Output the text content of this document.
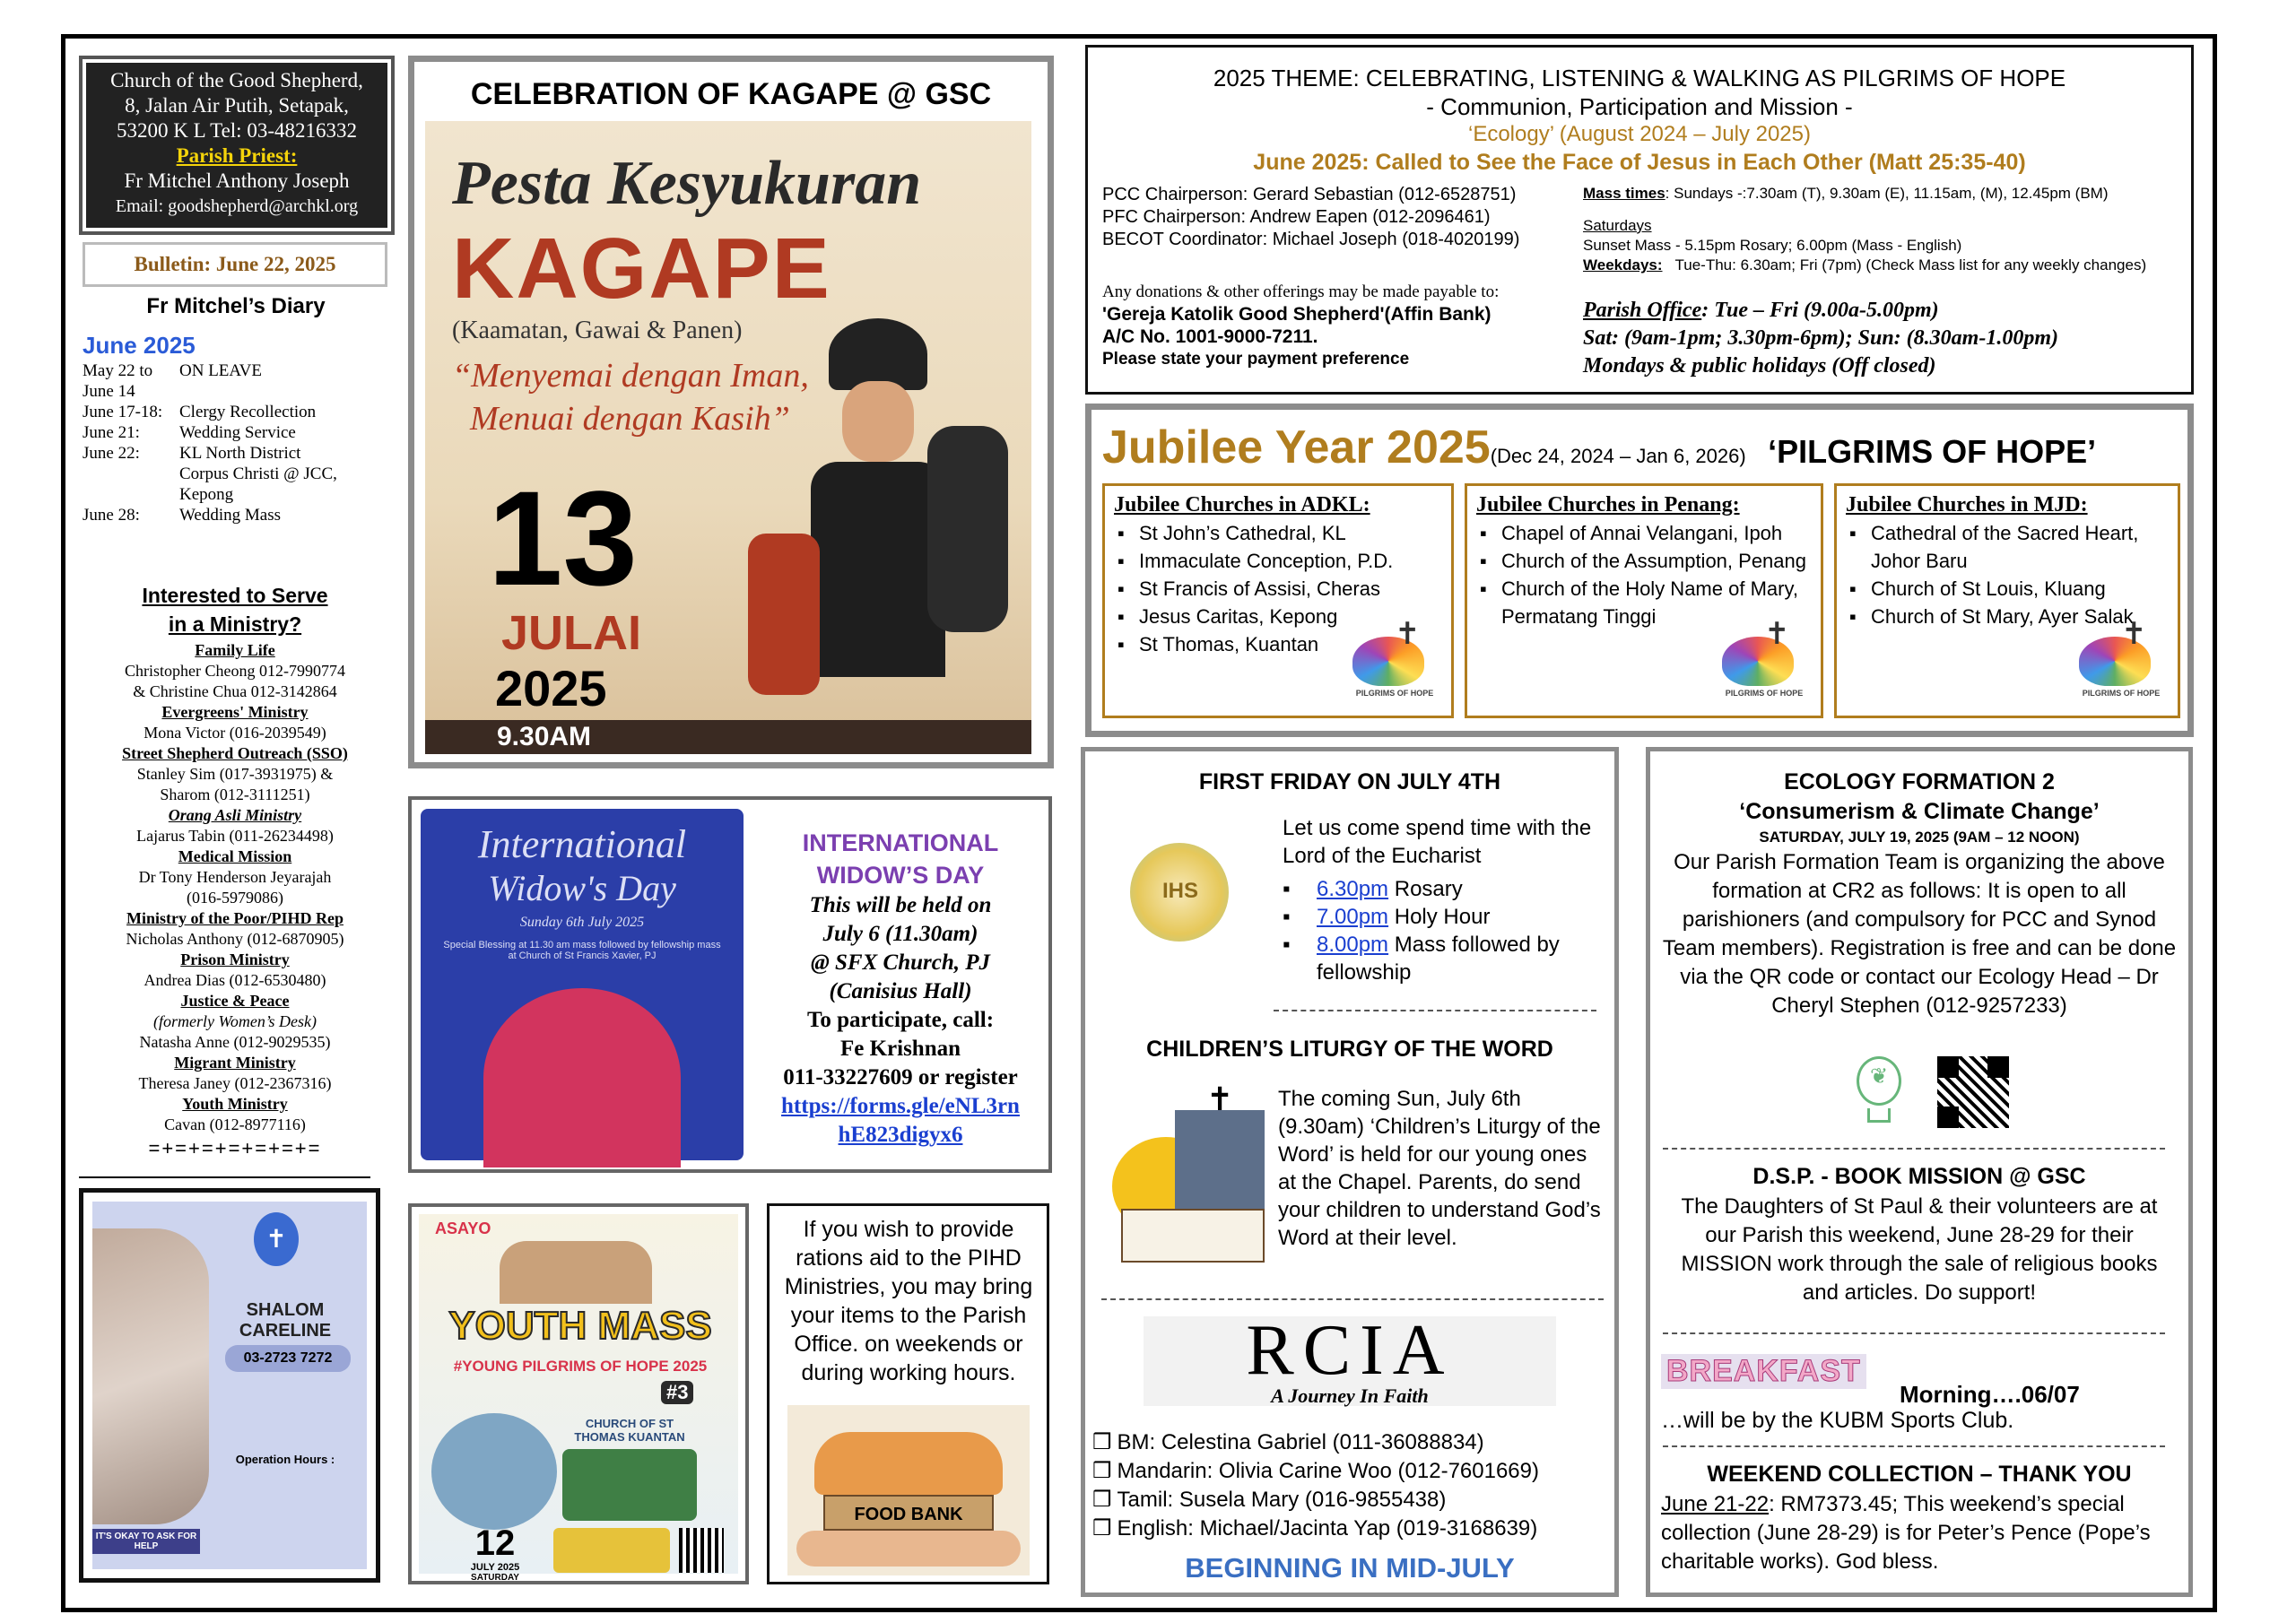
Church of the Good Shepherd,
8, Jalan Air Putih, Setapak,
53200 K L Tel: 03-48216332
Parish Priest:
Fr Mitchel Anthony Joseph
Email: goodshepherd@archkl.org
Bulletin: June 22, 2025
Fr Mitchel’s Diary
June 2025
May 22 to	ON LEAVE
June 14
June 17-18: Clergy Recollection
June 21:	Wedding Service
June 22:	KL North District
Corpus Christi @ JCC,
Kepong
June 28:	Wedding Mass
Interested to Serve
in a Ministry?
Family Life
Christopher Cheong 012-7990774
& Christine Chua 012-3142864
Evergreens' Ministry
Mona Victor (016-2039549)
Street Shepherd Outreach (SSO)
Stanley Sim (017-3931975) &
Sharom (012-3111251)
Orang Asli Ministry
Lajarus Tabin (011-26234498)
Medical Mission
Dr Tony Henderson Jeyarajah
(016-5979086)
Ministry of the Poor/PIHD Rep
Nicholas Anthony (012-6870905)
Prison Ministry
Andrea Dias (012-6530480)
Justice & Peace
(formerly Women’s Desk)
Natasha Anne (012-9029535)
Migrant Ministry
Theresa Janey (012-2367316)
Youth Ministry
Cavan (012-8977116)
=+=+=+=+=+=+=
✝
SHALOM CARELINE
03-2723 7272
Operation Hours :
IT'S OKAY TO ASK FOR HELP
CELEBRATION OF KAGAPE @ GSC
Pesta Kesyukuran
KAGAPE
(Kaamatan, Gawai & Panen)
“Menyemai dengan Iman,
Menuai dengan Kasih”
13
JULAI
2025
9.30AM
International
Widow's Day
Sunday 6th July 2025
Special Blessing at 11.30 am mass followed by fellowship mass at Church of St Francis Xavier, PJ
INTERNATIONAL
WIDOW’S DAY
This will be held on
July 6 (11.30am)
@ SFX Church, PJ
(Canisius Hall)
To participate, call:
Fe Krishnan
011-33227609 or register
https://forms.gle/eNL3rn
hE823digyx6
ASAYO
YOUTH MASS
#YOUNG PILGRIMS OF HOPE 2025
#3
CHURCH OF ST THOMAS KUANTAN
12
JULY 2025
SATURDAY
If you wish to provide rations aid to the PIHD Ministries, you may bring your items to the Parish Office. on weekends or during working hours.
FOOD BANK
2025 THEME: CELEBRATING, LISTENING & WALKING AS PILGRIMS OF HOPE
- Communion, Participation and Mission -
‘Ecology’ (August 2024 – July 2025)
June 2025: Called to See the Face of Jesus in Each Other (Matt 25:35-40)
PCC Chairperson: Gerard Sebastian (012-6528751)
PFC Chairperson: Andrew Eapen (012-2096461)
BECOT Coordinator: Michael Joseph (018-4020199)
Any donations & other offerings may be made payable to:
'Gereja Katolik Good Shepherd'(Affin Bank)
A/C No. 1001-9000-7211.
Please state your payment preference
Mass times: Sundays -:7.30am (T), 9.30am (E), 11.15am, (M), 12.45pm (BM)
Saturdays
Sunset Mass - 5.15pm Rosary; 6.00pm (Mass - English)
Weekdays: Tue-Thu: 6.30am; Fri (7pm) (Check Mass list for any weekly changes)
Parish Office: Tue – Fri (9.00a-5.00pm)
Sat: (9am-1pm; 3.30pm-6pm); Sun: (8.30am-1.00pm)
Mondays & public holidays (Off closed)
Jubilee Year 2025(Dec 24, 2024 – Jan 6, 2026) ‘PILGRIMS OF HOPE’
Jubilee Churches in ADKL:
▪ St John’s Cathedral, KL
▪ Immaculate Conception, P.D.
▪ St Francis of Assisi, Cheras
▪ Jesus Caritas, Kepong
▪ St Thomas, Kuantan	✝
PILGRIMS OF HOPE
Jubilee Churches in Penang:
▪ Chapel of Annai Velangani, Ipoh
▪ Church of the Assumption, Penang
▪ Church of the Holy Name of Mary, Permatang Tinggi
✝
PILGRIMS OF HOPE
Jubilee Churches in MJD:
▪ Cathedral of the Sacred Heart, Johor Baru
▪ Church of St Louis, Kluang
▪ Church of St Mary, Ayer Salak
✝
PILGRIMS OF HOPE
FIRST FRIDAY ON JULY 4TH
IHS
Let us come spend time with the Lord of the Eucharist
▪	6.30pm Rosary
▪	7.00pm Holy Hour
▪	8.00pm Mass followed by fellowship
CHILDREN’S LITURGY OF THE WORD
✝ The coming Sun, July 6th (9.30am) ‘Children’s Liturgy of the Word’ is held for our young ones at the Chapel. Parents, do send your children to understand God’s Word at their level.
RCIA
A Journey In Faith
❒ BM: Celestina Gabriel (011-36088834)
❒ Mandarin: Olivia Carine Woo (012-7601669)
❒ Tamil: Susela Mary (016-9855438)
❒ English: Michael/Jacinta Yap (019-3168639)
BEGINNING IN MID-JULY
ECOLOGY FORMATION 2
‘Consumerism & Climate Change’
SATURDAY, JULY 19, 2025 (9AM – 12 NOON)
Our Parish Formation Team is organizing the above formation at CR2 as follows: It is open to all parishioners (and compulsory for PCC and Synod Team members). Registration is free and can be done via the QR code or contact our Ecology Head – Dr Cheryl Stephen (012-9257233)
❦
D.S.P. - BOOK MISSION @ GSC
The Daughters of St Paul & their volunteers are at our Parish this weekend, June 28-29 for their MISSION work through the sale of religious books and articles. Do support!
BREAKFAST
Morning….06/07
…will be by the KUBM Sports Club.
WEEKEND COLLECTION – THANK YOU
June 21-22: RM7373.45; This weekend’s special collection (June 28-29) is for Peter’s Pence (Pope’s charitable works). God bless.
